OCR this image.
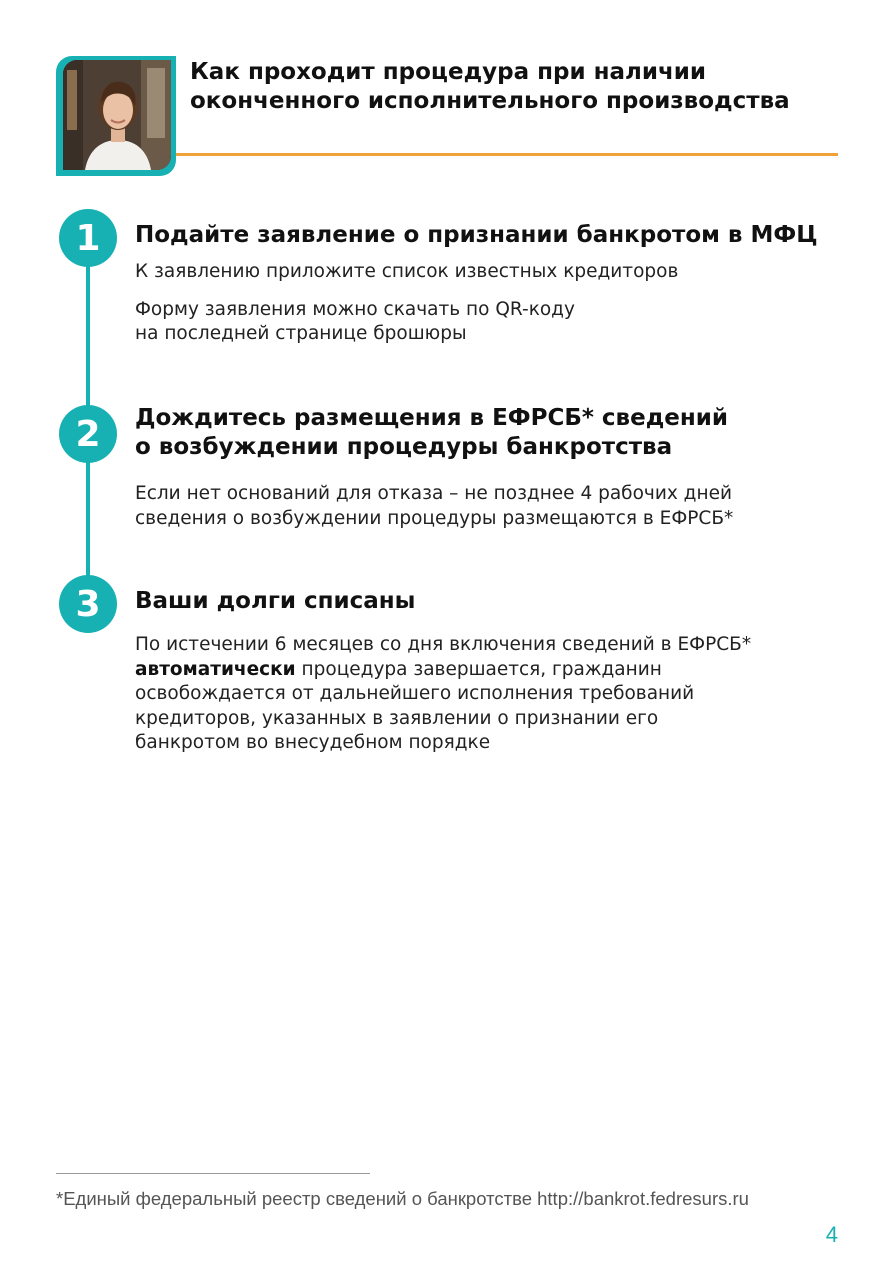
Как проходит процедура при наличии оконченного исполнительного производства
1 Подайте заявление о признании банкротом в МФЦ

К заявлению приложите список известных кредиторов

Форму заявления можно скачать по QR-коду

на последней странице брошюры

2 Дождитесь размещения в ЕФРСБ* сведений
о возбуждении процедуры банкротства

Если нет оснований для отказа – не позднее 4 рабочих дней

сведения о возбуждении процедуры размещаются в ЕФРСБ*

3 Ваши долги списаны

По истечении 6 месяцев со дня включения сведений в ЕФРСБ*

автоматически процедура завершается, гражданин

освобождается от дальнейшего исполнения требований

кредиторов, указанных в заявлении о признании его

банкротом во внесудебном порядке

*Единый федеральный реестр сведений о банкротстве http://bankrot.fedresurs.ru
4
